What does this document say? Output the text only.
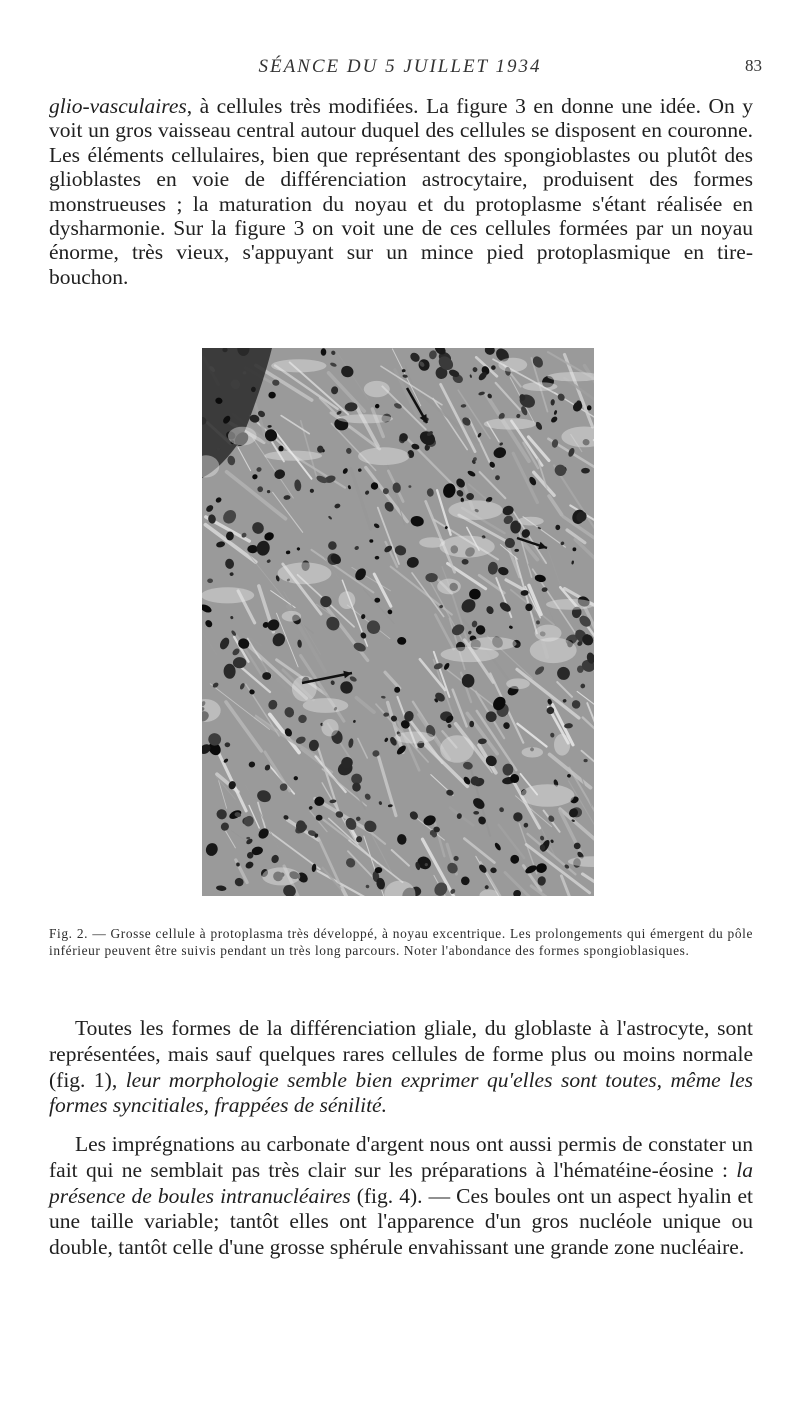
SÉANCE DU 5 JUILLET 1934	83

glio-vasculaires, à cellules très modifiées. La figure 3 en donne une idée. On y voit un gros vaisseau central autour duquel des cellules se disposent en couronne. Les éléments cellulaires, bien que représentant des spongioblastes ou plutôt des glioblastes en voie de différenciation astrocytaire, produisent des formes monstrueuses ; la maturation du noyau et du protoplasme s'étant réalisée en dysharmonie. Sur la figure 3 on voit une de ces cellules formées par un noyau énorme, très vieux, s'appuyant sur un mince pied protoplasmique en tire-bouchon.

Fig. 2. — Grosse cellule à protoplasma très développé, à noyau excentrique. Les prolongements qui émergent du pôle inférieur peuvent être suivis pendant un très long parcours. Noter l'abondance des formes spongioblasiques.

Toutes les formes de la différenciation gliale, du globlaste à l'astrocyte, sont représentées, mais sauf quelques rares cellules de forme plus ou moins normale (fig. 1), leur morphologie semble bien exprimer qu'elles sont toutes, même les formes syncitiales, frappées de sénilité.

Les imprégnations au carbonate d'argent nous ont aussi permis de constater un fait qui ne semblait pas très clair sur les préparations à l'hématéine-éosine : la présence de boules intranucléaires (fig. 4). — Ces boules ont un aspect hyalin et une taille variable; tantôt elles ont l'apparence d'un gros nucléole unique ou double, tantôt celle d'une grosse sphérule envahissant une grande zone nucléaire.
